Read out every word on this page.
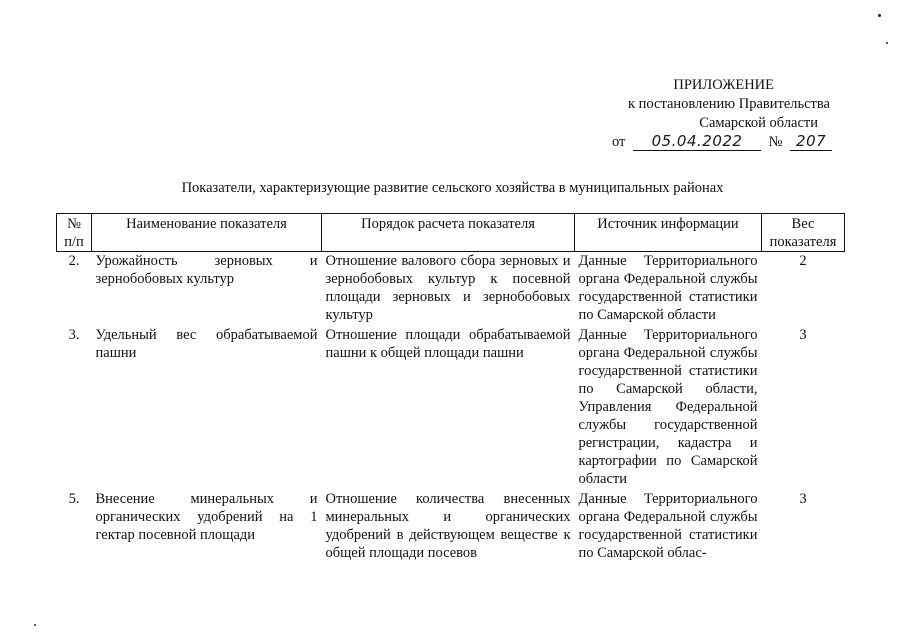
ПРИЛОЖЕНИЕ
к постановлению Правительства
Самарской области
от 05.04.2022 № 207
Показатели, характеризующие развитие сельского хозяйства в муниципальных районах
№ п/п	Наименование показателя	Порядок расчета показателя	Источник информации	Вес показателя
2.	Урожайность зерновых и зернобобовых культур	Отношение валового сбора зерновых и зернобобовых культур к посевной площади зерновых и зернобобовых культур	Данные Территориального органа Федеральной службы государственной статистики по Самарской области	2
3.	Удельный вес обрабатываемой пашни	Отношение площади обрабатываемой пашни к общей площади пашни	Данные Территориального органа Федеральной службы государственной статистики по Самарской области, Управления Федеральной службы государственной регистрации, кадастра и картографии по Самарской области	3
5.	Внесение минеральных и органических удобрений на 1 гектар посевной площади	Отношение количества внесенных минеральных и органических удобрений в действующем веществе к общей площади посевов	Данные Территориального органа Федеральной службы государственной статистики по Самарской облас-	3
